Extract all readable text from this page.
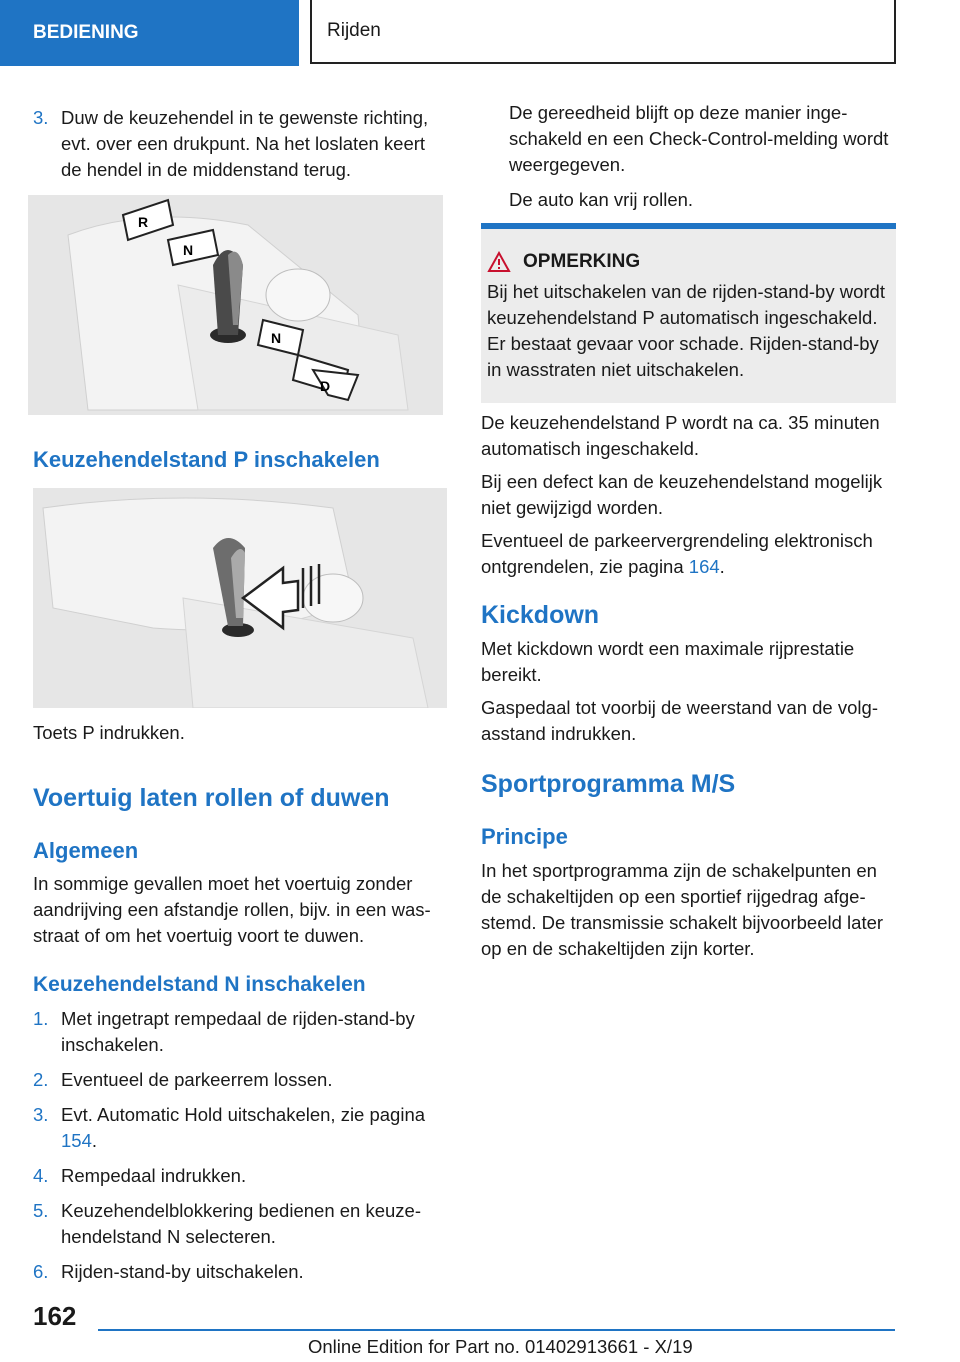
BEDIENING	Rijden
3. Duw de keuzehendel in te gewenste richting, evt. over een drukpunt. Na het loslaten keert de hendel in de middenstand terug.
R
N
N
D
Keuzehendelstand P inschakelen

Toets P indrukken.

Voertuig laten rollen of duwen
Algemeen

In sommige gevallen moet het voertuig zonder aandrijving een afstandje rollen, bijv. in een wasstraat of om het voertuig voort te duwen.

Keuzehendelstand N inschakelen
1. Met ingetrapt rempedaal de rijden-stand-by inschakelen.
2. Eventueel de parkeerrem lossen.
3. Evt. Automatic Hold uitschakelen, zie pagina 154.
4. Rempedaal indrukken.
5. Keuzehendelblokkering bedienen en keuzehendelstand N selecteren.
6. Rijden-stand-by uitschakelen.

De gereedheid blijft op deze manier ingeschakeld en een Check-Control-melding wordt weergegeven.

De auto kan vrij rollen.

OPMERKING

Bij het uitschakelen van de rijden-stand-by wordt keuzehendelstand P automatisch ingeschakeld. Er bestaat gevaar voor schade. Rijden-stand-by in wasstraten niet uitschakelen.

De keuzehendelstand P wordt na ca. 35 minuten automatisch ingeschakeld.

Bij een defect kan de keuzehendelstand mogelijk niet gewijzigd worden.

Eventueel de parkeervergrendeling elektronisch ontgrendelen, zie pagina 164.

Kickdown

Met kickdown wordt een maximale rijprestatie bereikt.

Gaspedaal tot voorbij de weerstand van de volgasstand indrukken.

Sportprogramma M/S
Principe

In het sportprogramma zijn de schakelpunten en de schakeltijden op een sportief rijgedrag afgestemd. De transmissie schakelt bijvoorbeeld later op en de schakeltijden zijn korter.

162
Online Edition for Part no. 01402913661 - X/19
